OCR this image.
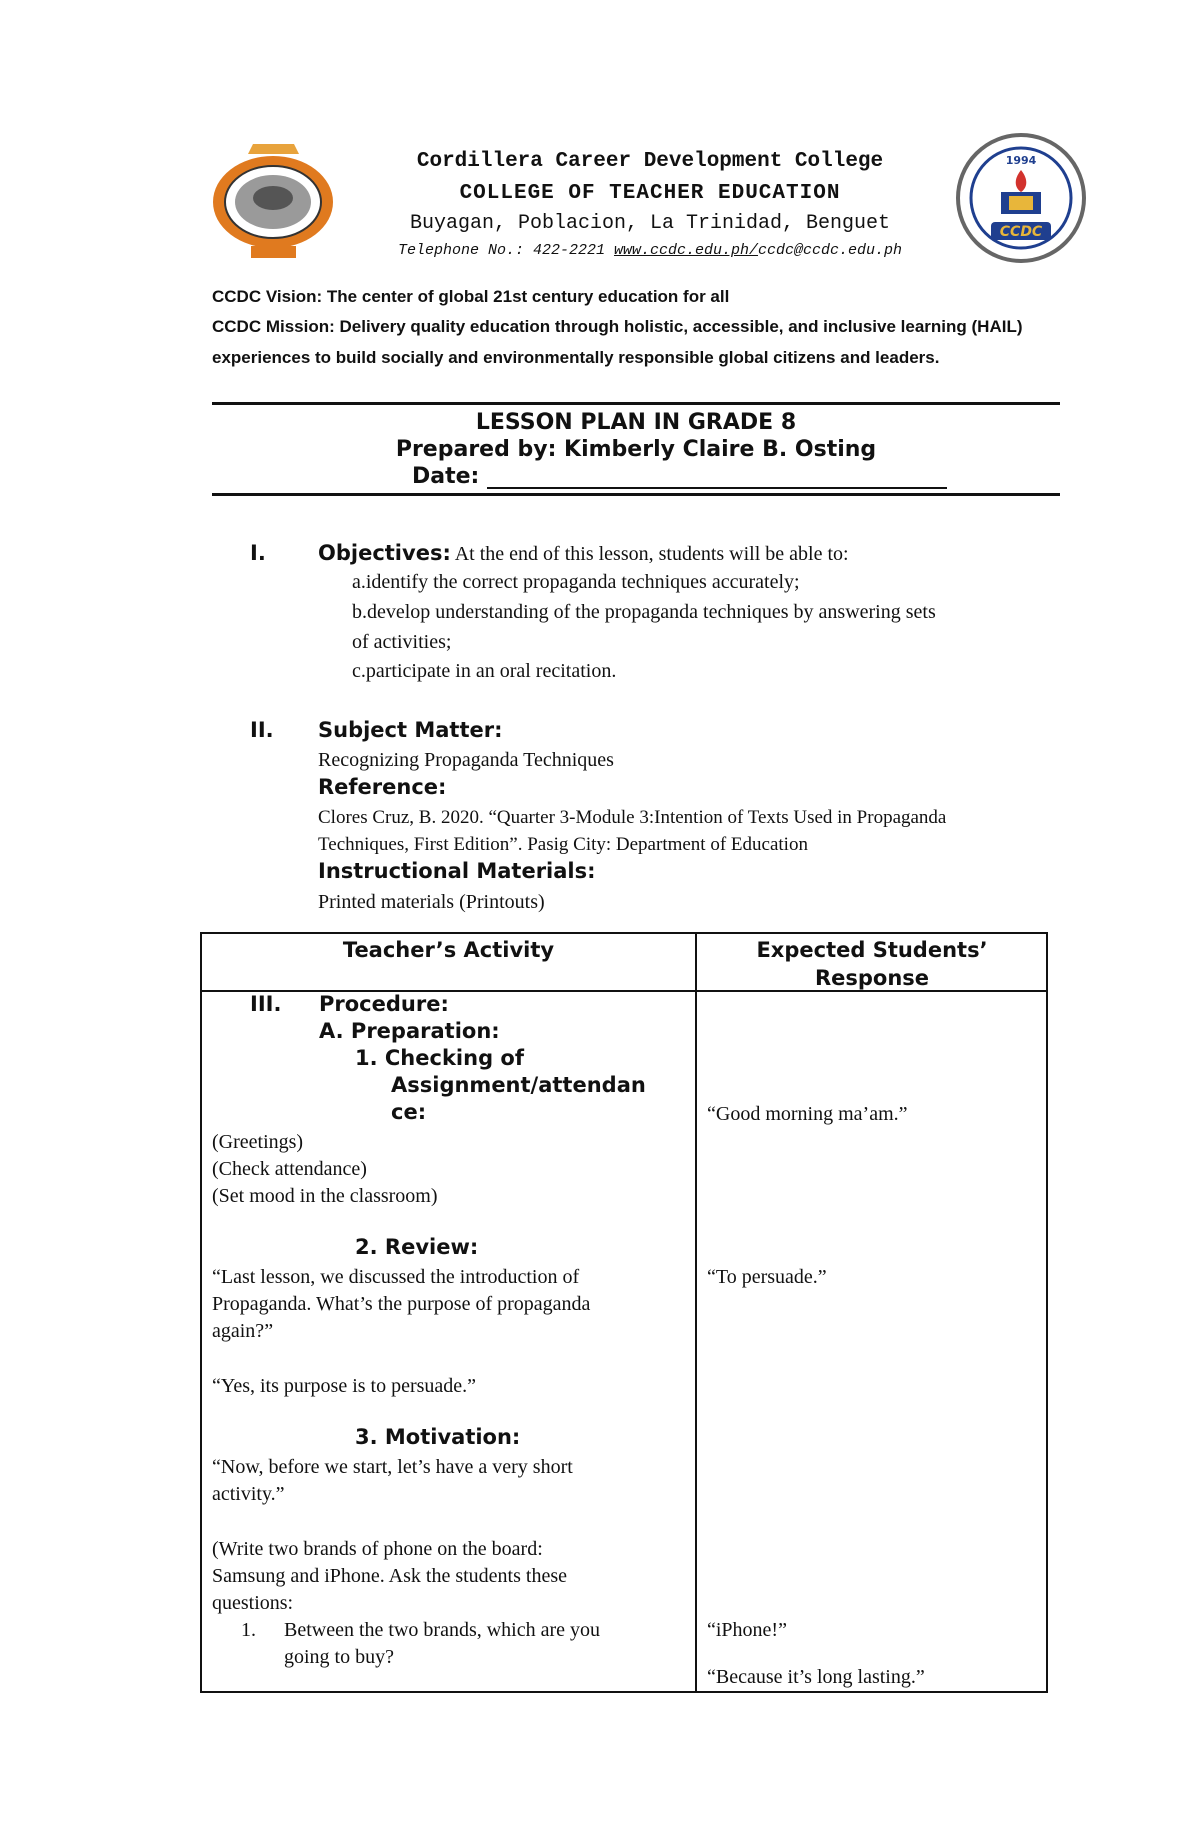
Cordillera Career Development College
COLLEGE OF TEACHER EDUCATION
Buyagan, Poblacion, La Trinidad, Benguet
Telephone No.: 422-2221 www.ccdc.edu.ph/ccdc@ccdc.edu.ph
1994
CCDC
CCDC Vision: The center of global 21st century education for all
CCDC Mission: Delivery quality education through holistic, accessible, and inclusive learning (HAIL) experiences to build socially and environmentally responsible global citizens and leaders.
LESSON PLAN IN GRADE 8
Prepared by: Kimberly Claire B. Osting
Date:
I. Objectives: At the end of this lesson, students will be able to:
a.identify the correct propaganda techniques accurately;
b.develop understanding of the propaganda techniques by answering sets
of activities;
c.participate in an oral recitation.
II. Subject Matter:
Recognizing Propaganda Techniques
Reference:
Clores Cruz, B. 2020. “Quarter 3-Module 3:Intention of Texts Used in Propaganda
Techniques, First Edition”. Pasig City: Department of Education
Instructional Materials:
Printed materials (Printouts)
Teacher’s Activity	Expected Students’
Response
III. Procedure:
A. Preparation:
1. Checking of
Assignment/attendan
ce:
(Greetings)
(Check attendance)
(Set mood in the classroom)
2. Review:
“Last lesson, we discussed the introduction of
Propaganda. What’s the purpose of propaganda
again?”
“Yes, its purpose is to persuade.”
3. Motivation:
“Now, before we start, let’s have a very short
activity.”
(Write two brands of phone on the board:
Samsung and iPhone. Ask the students these
questions:
1. Between the two brands, which are you
going to buy?
“Good morning ma’am.”
“To persuade.”
“iPhone!”
“Because it’s long lasting.”
